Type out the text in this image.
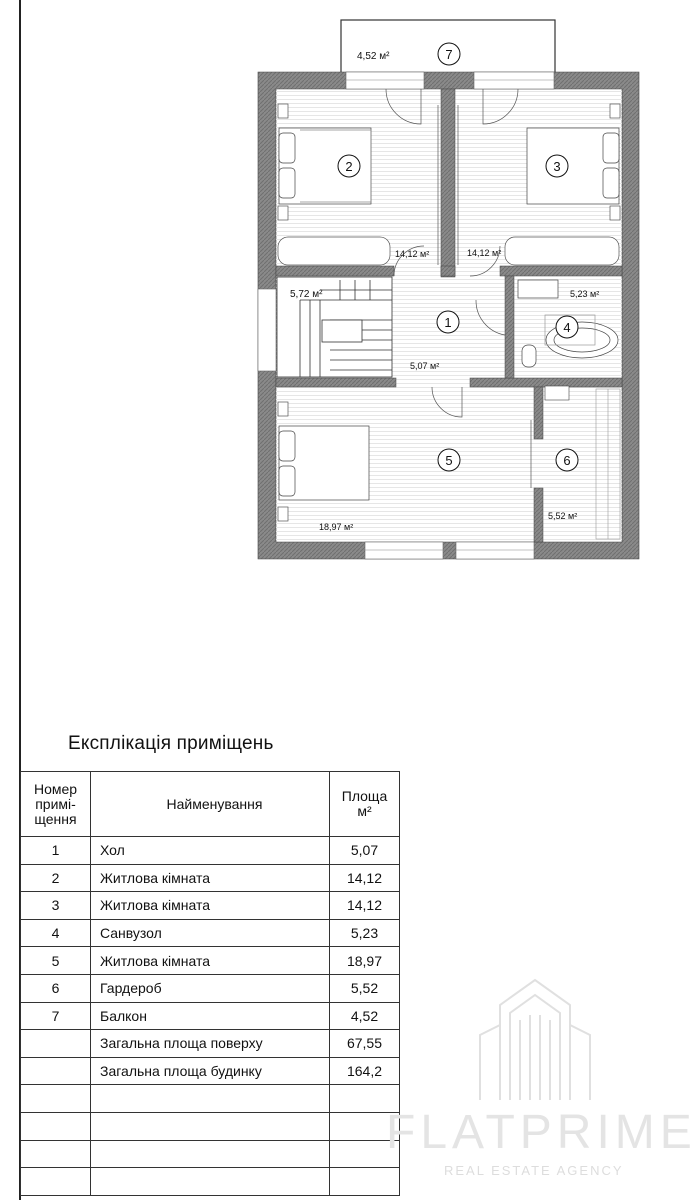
7
2	3
1	4
5	6
4,52 м²
14,12 м²	14,12 м²
5,72 м²
5,07 м²
5,23 м²
18,97 м²
5,52 м²
Експлікація приміщень
Номер
примі-
щення	Найменування	Площа
м²
1	Хол	5,07
2	Житлова кімната	14,12
3	Житлова кімната	14,12
4	Санвузол	5,23
5	Житлова кімната	18,97
6	Гардероб	5,52
7	Балкон	4,52
	Загальна площа поверху	67,55
	Загальна площа будинку	164,2

FLATPRIME
REAL ESTATE AGENCY
